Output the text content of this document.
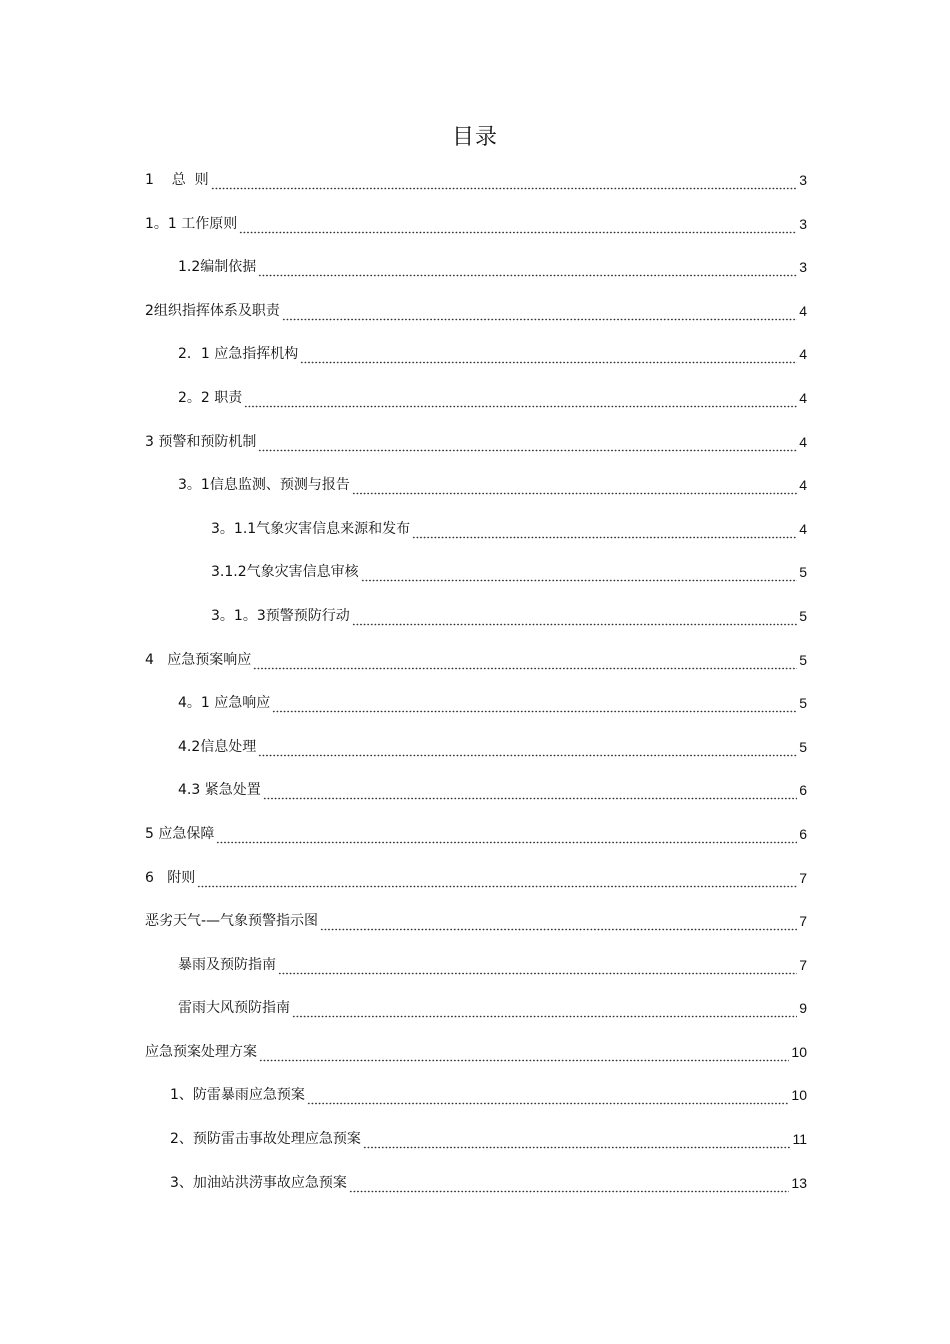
目录
1    总  则	3
1。1 工作原则	3
1.2编制依据	3
2组织指挥体系及职责	4
2．1 应急指挥机构	4
2。2 职责	4
3 预警和预防机制	4
3。1信息监测、预测与报告	4
3。1.1气象灾害信息来源和发布	4
3.1.2气象灾害信息审核	5
3。1。3预警预防行动	5
4   应急预案响应	5
4。1 应急响应	5
4.2信息处理	5
4.3 紧急处置	6
5 应急保障	6
6   附则	7
恶劣天气-—气象预警指示图	7
暴雨及预防指南	7
雷雨大风预防指南	9
应急预案处理方案	10
1、防雷暴雨应急预案	10
2、预防雷击事故处理应急预案	11
3、加油站洪涝事故应急预案	13
